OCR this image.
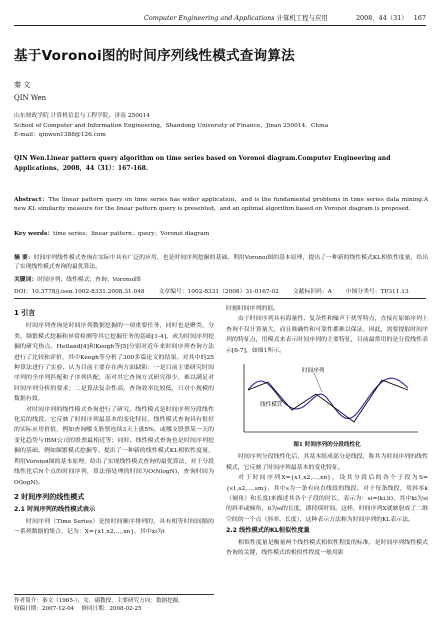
Computer Engineering and Applications 计算机工程与应用	2008，44（31） 167
基于Voronoi图的时间序列线性模式查询算法
秦 文
QIN Wen
山东财政学院 计算机信息与工程学院，济南 250014
School of Computer and Information Engineering，Shandong University of Finance，Jinan 250014，China
E-mail：qinwen1388@126.com
QIN Wen.Linear pattern query algorithm on time series based on Voronoi diagram.Computer Engineering and Applications，2008，44（31）：167-168.
Abstract：The linear pattern query on time series has wider application，and is the fundamental problems in time series data mining.A new KL similarity measure for the linear pattern query is presented，and an optimal algorithm based on Voronoi diagram is proposed.
Key words：time series；linear pattern；query；Voronoi diagram
摘 要：时间序列线性模式查询在实际中具有广泛的应用，也是时间序列挖掘的基础。利用Voronoi图的基本原理，提出了一种新的线性模式KL相似性度量，给出了实现线性模式查询的最优算法。
关键词：时间序列；线性模式；查询；Voronoi图
DOI：10.3778/j.issn.1002-8331.2008.31.048 文章编号：1002-8331（2008）31-0167-02 文献标识码：A 中图分类号：TP311.13
1 引言
时间序列查询是时间序列数据挖掘的一项重要任务，同时也是聚类、分类、频繁模式挖掘和异常检测等其它挖掘任务的基础[1-4]，成为时间序列挖掘的研究热点。Hetland[4]和Keogh等[5]分别对近年来时间序列查询方法进行了比较和评价，其中Keogh等分析了300多篇论文的结果。对其中的25种算法进行了实验，认为目前主要存在两方面缺陷：一是目前主要研究时间序列的全序列匹配和子序列匹配，而对其它查询方式研究很少，难以满足对时间序列分析的要求；二是算法复杂性高，查询效率比较低，只对小规模的数据有效。
对时间序列的线性模式查询进行了研究。线性模式是时间序列分段线性化后的线段，它反映了时间序列最基本的变化特征。线性模式查询具有很好的实际应用价值，例如查询哪支股票连续3天上涨5%，或哪支股票某一天的变化趋势与IBM公司的股票最相近等；同时，线性模式查询也是时间序列挖掘的基础，例如频繁模式挖掘等。提出了一种新的线性模式KL相似性度量，利用Voronoi图的基本原理，给出了实现线性模式查询的最优算法，对于分段线性化后N个点的时间序列，算法预处理的时间为O(NlogN)，查询时间为O(logN)。
2 时间序列的线性模式
2.1 时间序列的线性模式表示
时间序列（Time Series）是按时间顺序排列的，具有相等时间间隔的一系列数据的集合，记为：X={x1,x2,…,xn}，其中xi为i
时刻时间序列的值。
由于时间序列具有海量性、复杂性和噪声干扰等特点，直接在原始序列上查询不仅计算量大，而且准确性和可靠性都难以保证。因此，需要提取时间序列的特征点，用模式来表示时间序列的主要特征，目前最常用的是分段线性表示[6-7]，如图1所示。
时间序列
线性模式
图1 时间序列的分段线性化
时间序列分段线性化后，其基本组成部分是线段，称其为时间序列的线性模式，它反映了时间序列最基本的变化特征。
对于时间序列X={x1,x2,…,xn}，设其分段后的各个子段为S={s1,s2,…,sm}，其中s为一条有向直线段的线段。对于每条线段，用斜率k（倾角）和长度l来描述其各个子段的时长，表示为：si=(ki,li)，其中ki为si的斜率或倾角，li为si的长度，即持续时间。这样，时间序列X就映射成了二维空间的一个点（斜率、长度），这种表示方法称为时间序列的KL表示法。
2.2 线性模式的KL相似性度量
相似性度量是衡量两个线性模式相似性程度的标准，是时间序列线性模式查询的关键，线性模式的相似性程度一般用距
作者简介：秦文（1965-），女，副教授，主要研究方向：数据挖掘。
收稿日期：2007-12-04 修回日期：2008-02-25
